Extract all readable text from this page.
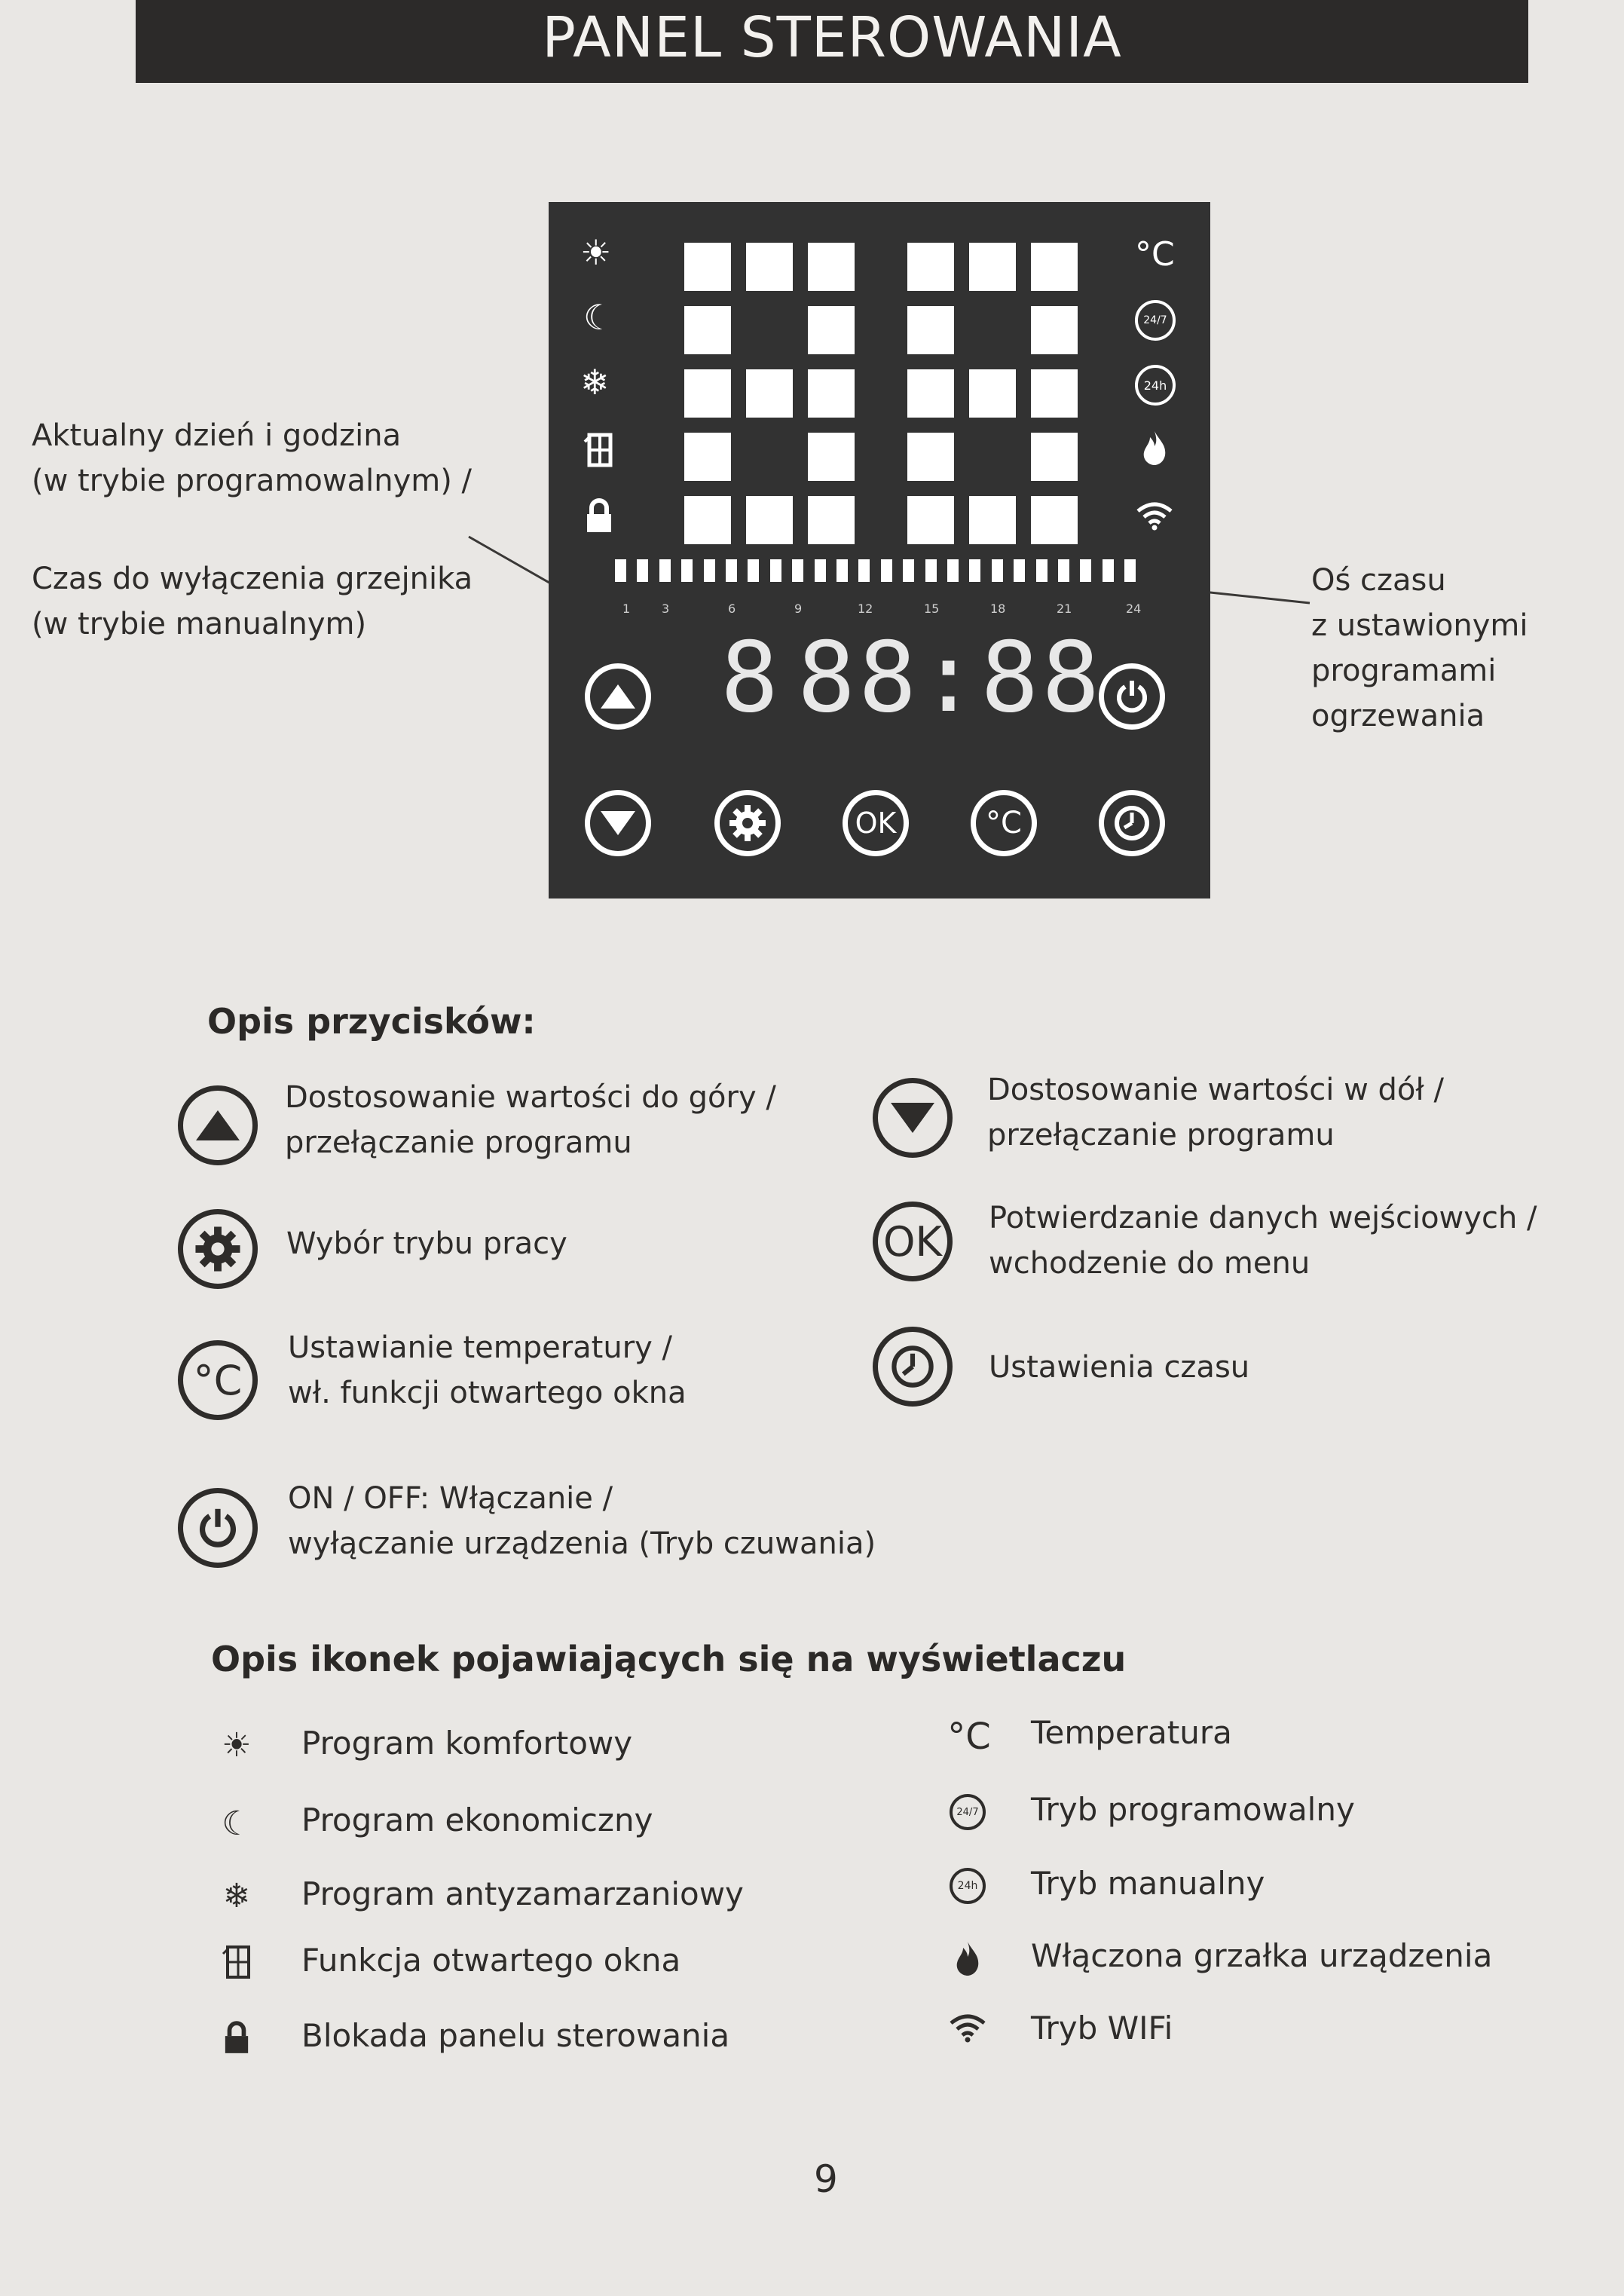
PANEL STEROWANIA
Aktualny dzień i godzina
(w trybie programowalnym) /
Czas do wyłączenia grzejnika
(w trybie manualnym)
Oś czasu
z ustawionymi
programami
ogrzewania
☀
☾
❄
°C
24/7
24h
1	3	6	9	12	15	18	21	24
8 88:88
OK	°C
Opis przycisków:
Dostosowanie wartości do góry /
przełączanie programu
Dostosowanie wartości w dół /
przełączanie programu
Wybór trybu pracy	OK	Potwierdzanie danych wejściowych /
wchodzenie do menu
°C
Ustawianie temperatury /
wł. funkcji otwartego okna
Ustawienia czasu
ON / OFF: Włączanie /
wyłączanie urządzenia (Tryb czuwania)
Opis ikonek pojawiających się na wyświetlaczu
☀ Program komfortowy
☾ Program ekonomiczny
❄ Program antyzamarzaniowy
Funkcja otwartego okna
Blokada panelu sterowania
°C Temperatura
24/7 Tryb programowalny
24h Tryb manualny
Włączona grzałka urządzenia
Tryb WIFi
9
